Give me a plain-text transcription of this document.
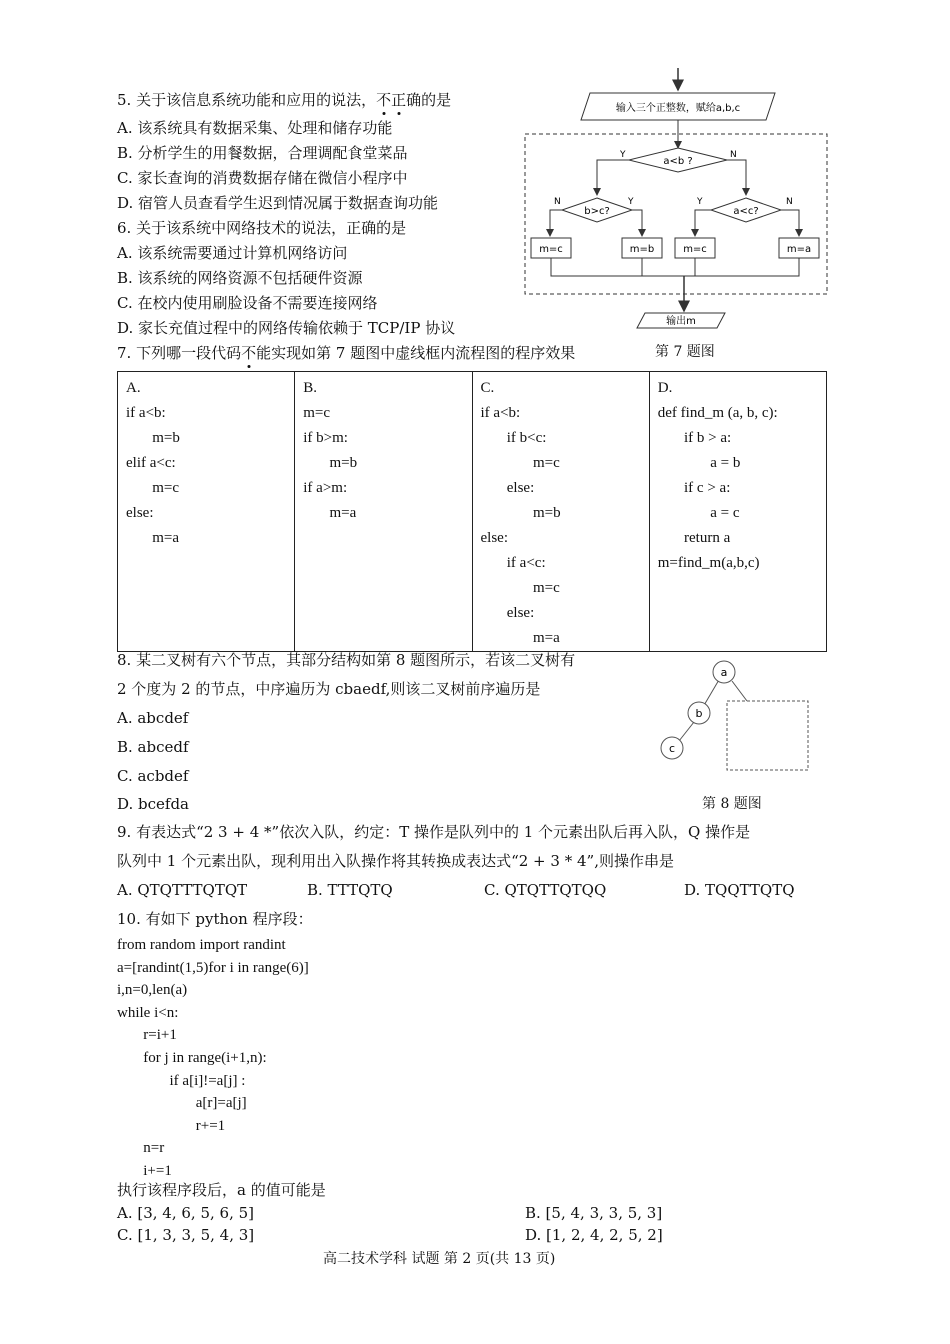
5. 关于该信息系统功能和应用的说法，不正确的是
A. 该系统具有数据采集、处理和储存功能
B. 分析学生的用餐数据，合理调配食堂菜品
C. 家长查询的消费数据存储在微信小程序中
D. 宿管人员查看学生迟到情况属于数据查询功能
6. 关于该系统中网络技术的说法，正确的是
A. 该系统需要通过计算机网络访问
B. 该系统的网络资源不包括硬件资源
C. 在校内使用刷脸设备不需要连接网络
D. 家长充值过程中的网络传输依赖于 TCP/IP 协议
7. 下列哪一段代码不能实现如第 7 题图中虚线框内流程图的程序效果
输入三个正整数，赋给a,b,c
a<b ?
Y	N
b>c?
N	Y
a<c?
Y	N
m=c	m=b	m=c	m=a
输出m
第 7 题图
A.
if a<b:
m=b
elif a<c:
m=c
else:
m=a

B.
m=c
if b>m:
m=b
if a>m:
m=a

C.
if a<b:
if b<c:
m=c
else:
m=b
else:
if a<c:
m=c
else:
m=a

D.
def find_m (a, b, c):
if b > a:
a = b
if c > a:
a = c
return a
m=find_m(a,b,c)
8. 某二叉树有六个节点，其部分结构如第 8 题图所示，若该二叉树有
2 个度为 2 的节点，中序遍历为 cbaedf,则该二叉树前序遍历是
A. abcdef
B. abcedf
C. acbdef
D. bcefda
a
b
c
第 8 题图
9. 有表达式“2 3 + 4 *”依次入队，约定：T 操作是队列中的 1 个元素出队后再入队，Q 操作是
队列中 1 个元素出队，现利用出入队操作将其转换成表达式“2 + 3 * 4”,则操作串是
A. QTQTTTQTQT	B. TTTQTQ	C. QTQTTQTQQ	D. TQQTTQTQ
10. 有如下 python 程序段：
from random import randint
a=[randint(1,5)for i in range(6)]
i,n=0,len(a)
while i<n:
r=i+1
for j in range(i+1,n):
if a[i]!=a[j] :
a[r]=a[j]
r+=1
n=r
i+=1
执行该程序段后，a 的值可能是
A. [3, 4, 6, 5, 6, 5]	B. [5, 4, 3, 3, 5, 3]
C. [1, 3, 3, 5, 4, 3]	D. [1, 2, 4, 2, 5, 2]
高二技术学科 试题 第 2 页(共 13 页)
